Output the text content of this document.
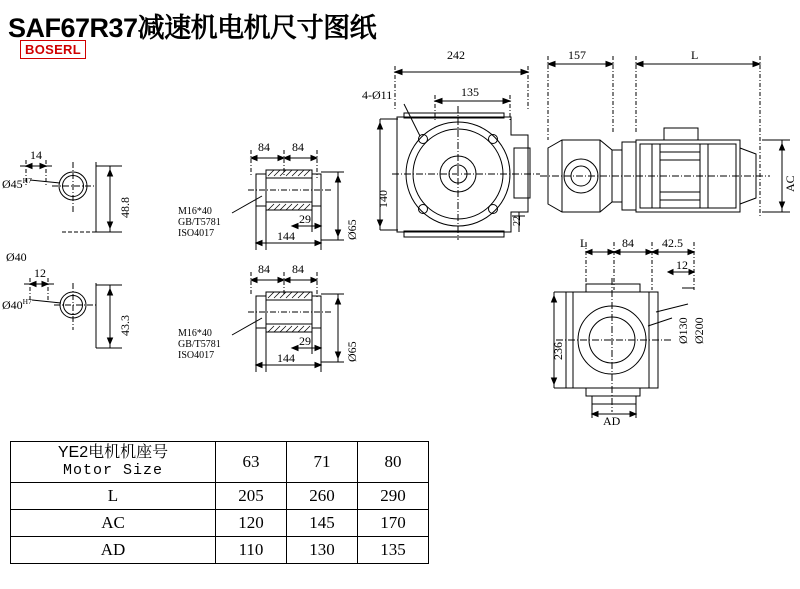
SAF67R37减速机电机尺寸图纸
BOSERL
14
$Ø45^{H7}$
48.8
Ø40
12
$Ø40^{H7}$
43.3
84 84
29
144	Ø65
M16*40
GB/T5781
ISO4017
84 84
29
144	Ø65
M16*40
GB/T5781
ISO4017
242
135
4-Ø11
140
22
157	L
AC
L	84 42.5
12
236
Ø130 Ø200
AD
YE2电机机座号
Motor Size	63	71	80
L	205	260	290
AC	120	145	170
AD	110	130	135
